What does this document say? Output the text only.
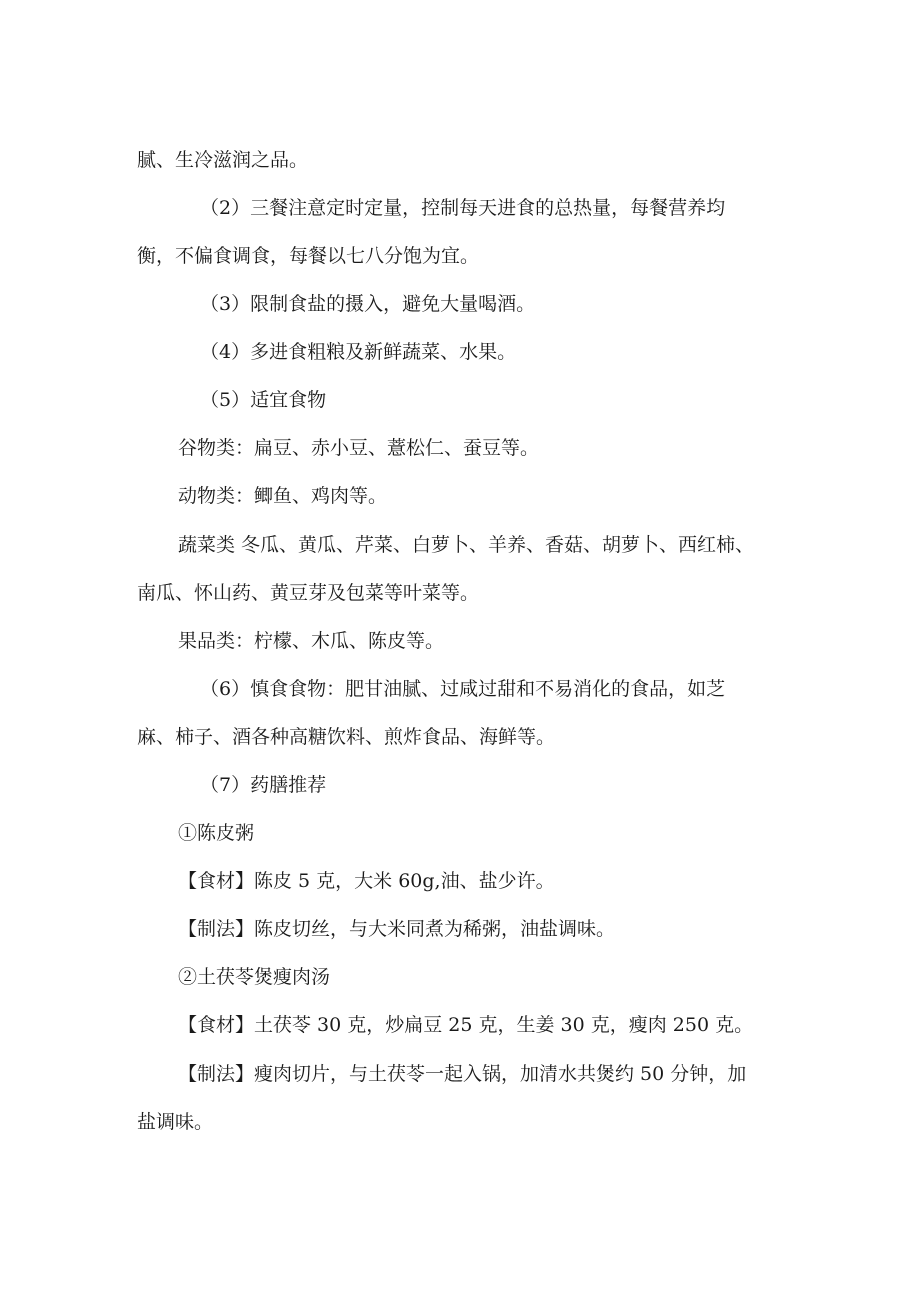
腻、生冷滋润之品。

（2）三餐注意定时定量，控制每天进食的总热量，每餐营养均

衡，不偏食调食，每餐以七八分饱为宜。

（3）限制食盐的摄入，避免大量喝酒。

（4）多进食粗粮及新鲜蔬菜、水果。

（5）适宜食物

谷物类：扁豆、赤小豆、薏松仁、蚕豆等。

动物类：鲫鱼、鸡肉等。

蔬菜类 冬瓜、黄瓜、芹菜、白萝卜、羊养、香菇、胡萝卜、西红柿、

南瓜、怀山药、黄豆芽及包菜等叶菜等。

果品类：柠檬、木瓜、陈皮等。

（6）慎食食物：肥甘油腻、过咸过甜和不易消化的食品，如芝

麻、柿子、酒各种高糖饮料、煎炸食品、海鲜等。

（7）药膳推荐

①陈皮粥

【食材】陈皮 5 克，大米 60g,油、盐少许。

【制法】陈皮切丝，与大米同煮为稀粥，油盐调味。

②土茯苓煲瘦肉汤

【食材】土茯苓 30 克，炒扁豆 25 克，生姜 30 克，瘦肉 250 克。

【制法】瘦肉切片，与土茯苓一起入锅，加清水共煲约 50 分钟，加

盐调味。
